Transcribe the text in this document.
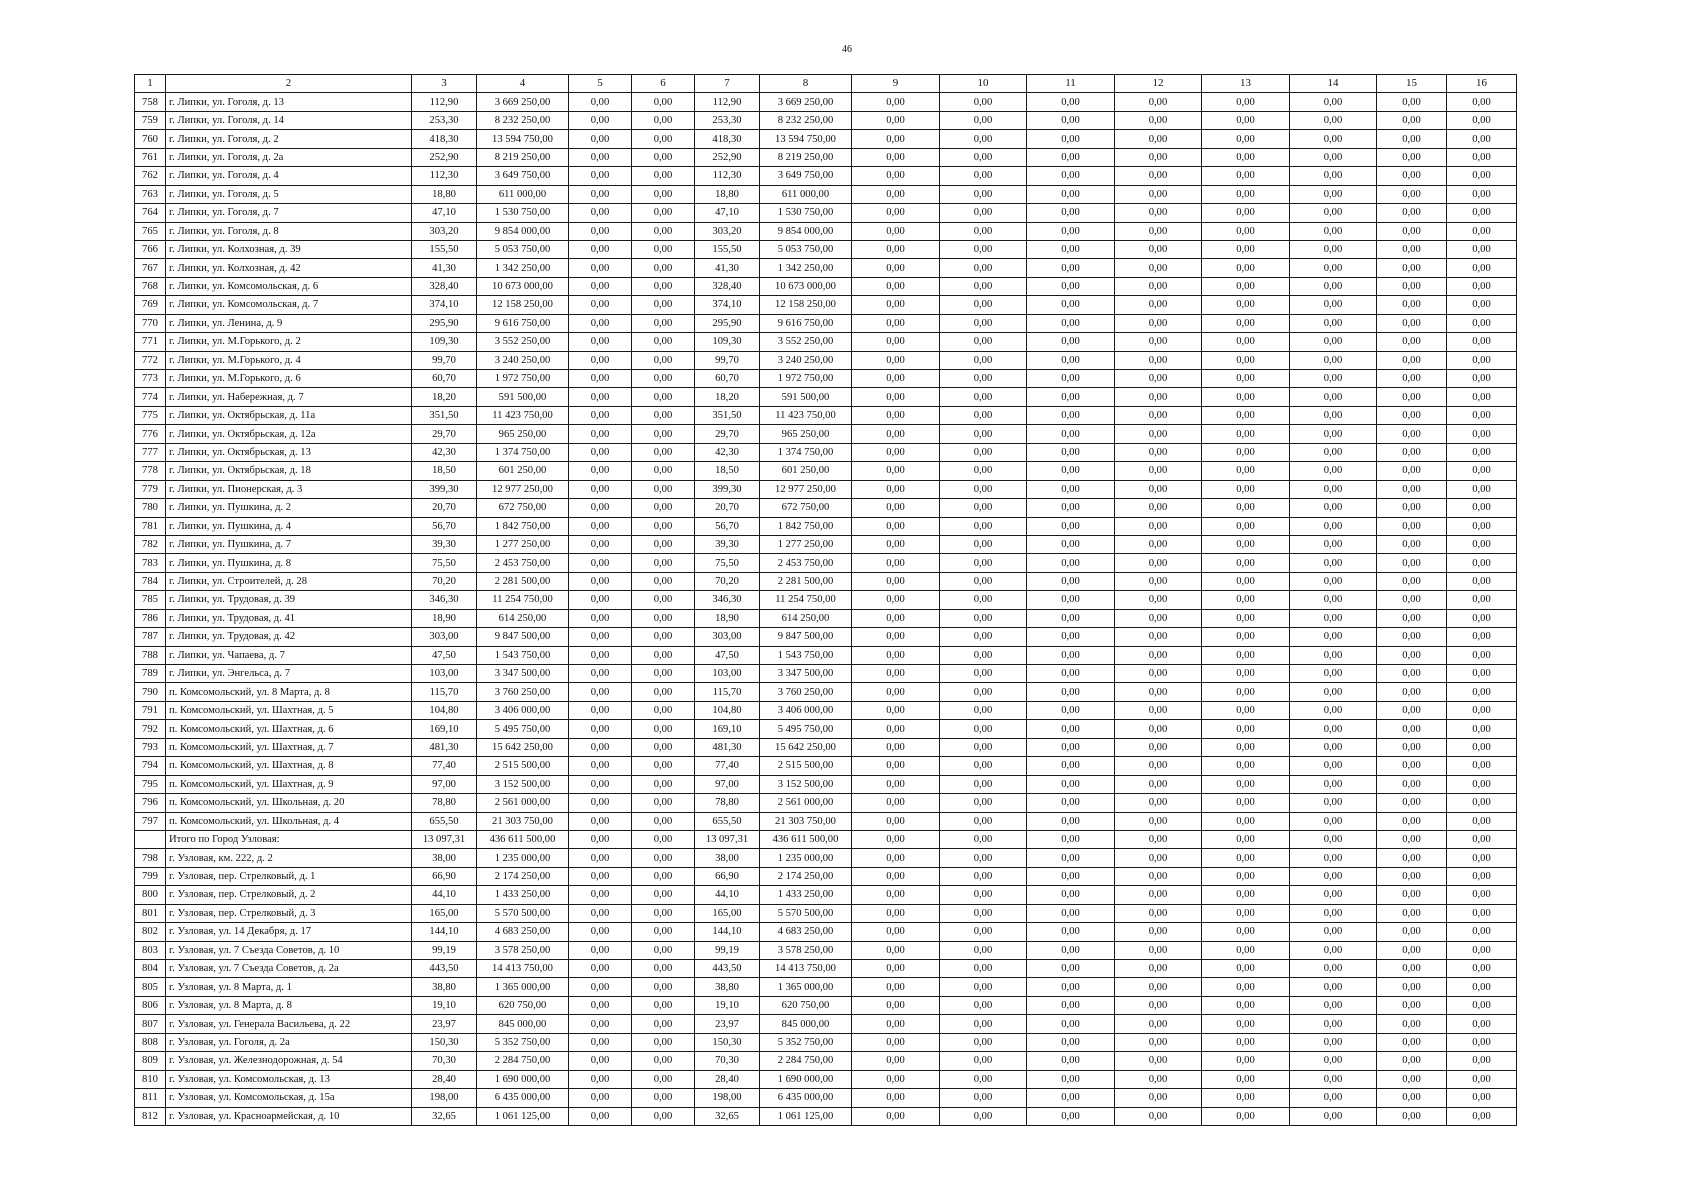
46
1	2	3	4	5	6	7	8	9	10	11	12	13	14	15	16
758	г. Липки, ул. Гоголя, д. 13	112,90	3 669 250,00	0,00	0,00	112,90	3 669 250,00	0,00	0,00	0,00	0,00	0,00	0,00	0,00	0,00
759	г. Липки, ул. Гоголя, д. 14	253,30	8 232 250,00	0,00	0,00	253,30	8 232 250,00	0,00	0,00	0,00	0,00	0,00	0,00	0,00	0,00
760	г. Липки, ул. Гоголя, д. 2	418,30	13 594 750,00	0,00	0,00	418,30	13 594 750,00	0,00	0,00	0,00	0,00	0,00	0,00	0,00	0,00
761	г. Липки, ул. Гоголя, д. 2а	252,90	8 219 250,00	0,00	0,00	252,90	8 219 250,00	0,00	0,00	0,00	0,00	0,00	0,00	0,00	0,00
762	г. Липки, ул. Гоголя, д. 4	112,30	3 649 750,00	0,00	0,00	112,30	3 649 750,00	0,00	0,00	0,00	0,00	0,00	0,00	0,00	0,00
763	г. Липки, ул. Гоголя, д. 5	18,80	611 000,00	0,00	0,00	18,80	611 000,00	0,00	0,00	0,00	0,00	0,00	0,00	0,00	0,00
764	г. Липки, ул. Гоголя, д. 7	47,10	1 530 750,00	0,00	0,00	47,10	1 530 750,00	0,00	0,00	0,00	0,00	0,00	0,00	0,00	0,00
765	г. Липки, ул. Гоголя, д. 8	303,20	9 854 000,00	0,00	0,00	303,20	9 854 000,00	0,00	0,00	0,00	0,00	0,00	0,00	0,00	0,00
766	г. Липки, ул. Колхозная, д. 39	155,50	5 053 750,00	0,00	0,00	155,50	5 053 750,00	0,00	0,00	0,00	0,00	0,00	0,00	0,00	0,00
767	г. Липки, ул. Колхозная, д. 42	41,30	1 342 250,00	0,00	0,00	41,30	1 342 250,00	0,00	0,00	0,00	0,00	0,00	0,00	0,00	0,00
768	г. Липки, ул. Комсомольская, д. 6	328,40	10 673 000,00	0,00	0,00	328,40	10 673 000,00	0,00	0,00	0,00	0,00	0,00	0,00	0,00	0,00
769	г. Липки, ул. Комсомольская, д. 7	374,10	12 158 250,00	0,00	0,00	374,10	12 158 250,00	0,00	0,00	0,00	0,00	0,00	0,00	0,00	0,00
770	г. Липки, ул. Ленина, д. 9	295,90	9 616 750,00	0,00	0,00	295,90	9 616 750,00	0,00	0,00	0,00	0,00	0,00	0,00	0,00	0,00
771	г. Липки, ул. М.Горького, д. 2	109,30	3 552 250,00	0,00	0,00	109,30	3 552 250,00	0,00	0,00	0,00	0,00	0,00	0,00	0,00	0,00
772	г. Липки, ул. М.Горького, д. 4	99,70	3 240 250,00	0,00	0,00	99,70	3 240 250,00	0,00	0,00	0,00	0,00	0,00	0,00	0,00	0,00
773	г. Липки, ул. М.Горького, д. 6	60,70	1 972 750,00	0,00	0,00	60,70	1 972 750,00	0,00	0,00	0,00	0,00	0,00	0,00	0,00	0,00
774	г. Липки, ул. Набережная, д. 7	18,20	591 500,00	0,00	0,00	18,20	591 500,00	0,00	0,00	0,00	0,00	0,00	0,00	0,00	0,00
775	г. Липки, ул. Октябрьская, д. 11а	351,50	11 423 750,00	0,00	0,00	351,50	11 423 750,00	0,00	0,00	0,00	0,00	0,00	0,00	0,00	0,00
776	г. Липки, ул. Октябрьская, д. 12а	29,70	965 250,00	0,00	0,00	29,70	965 250,00	0,00	0,00	0,00	0,00	0,00	0,00	0,00	0,00
777	г. Липки, ул. Октябрьская, д. 13	42,30	1 374 750,00	0,00	0,00	42,30	1 374 750,00	0,00	0,00	0,00	0,00	0,00	0,00	0,00	0,00
778	г. Липки, ул. Октябрьская, д. 18	18,50	601 250,00	0,00	0,00	18,50	601 250,00	0,00	0,00	0,00	0,00	0,00	0,00	0,00	0,00
779	г. Липки, ул. Пионерская, д. 3	399,30	12 977 250,00	0,00	0,00	399,30	12 977 250,00	0,00	0,00	0,00	0,00	0,00	0,00	0,00	0,00
780	г. Липки, ул. Пушкина, д. 2	20,70	672 750,00	0,00	0,00	20,70	672 750,00	0,00	0,00	0,00	0,00	0,00	0,00	0,00	0,00
781	г. Липки, ул. Пушкина, д. 4	56,70	1 842 750,00	0,00	0,00	56,70	1 842 750,00	0,00	0,00	0,00	0,00	0,00	0,00	0,00	0,00
782	г. Липки, ул. Пушкина, д. 7	39,30	1 277 250,00	0,00	0,00	39,30	1 277 250,00	0,00	0,00	0,00	0,00	0,00	0,00	0,00	0,00
783	г. Липки, ул. Пушкина, д. 8	75,50	2 453 750,00	0,00	0,00	75,50	2 453 750,00	0,00	0,00	0,00	0,00	0,00	0,00	0,00	0,00
784	г. Липки, ул. Строителей, д. 28	70,20	2 281 500,00	0,00	0,00	70,20	2 281 500,00	0,00	0,00	0,00	0,00	0,00	0,00	0,00	0,00
785	г. Липки, ул. Трудовая, д. 39	346,30	11 254 750,00	0,00	0,00	346,30	11 254 750,00	0,00	0,00	0,00	0,00	0,00	0,00	0,00	0,00
786	г. Липки, ул. Трудовая, д. 41	18,90	614 250,00	0,00	0,00	18,90	614 250,00	0,00	0,00	0,00	0,00	0,00	0,00	0,00	0,00
787	г. Липки, ул. Трудовая, д. 42	303,00	9 847 500,00	0,00	0,00	303,00	9 847 500,00	0,00	0,00	0,00	0,00	0,00	0,00	0,00	0,00
788	г. Липки, ул. Чапаева, д. 7	47,50	1 543 750,00	0,00	0,00	47,50	1 543 750,00	0,00	0,00	0,00	0,00	0,00	0,00	0,00	0,00
789	г. Липки, ул. Энгельса, д. 7	103,00	3 347 500,00	0,00	0,00	103,00	3 347 500,00	0,00	0,00	0,00	0,00	0,00	0,00	0,00	0,00
790	п. Комсомольский, ул. 8 Марта, д. 8	115,70	3 760 250,00	0,00	0,00	115,70	3 760 250,00	0,00	0,00	0,00	0,00	0,00	0,00	0,00	0,00
791	п. Комсомольский, ул. Шахтная, д. 5	104,80	3 406 000,00	0,00	0,00	104,80	3 406 000,00	0,00	0,00	0,00	0,00	0,00	0,00	0,00	0,00
792	п. Комсомольский, ул. Шахтная, д. 6	169,10	5 495 750,00	0,00	0,00	169,10	5 495 750,00	0,00	0,00	0,00	0,00	0,00	0,00	0,00	0,00
793	п. Комсомольский, ул. Шахтная, д. 7	481,30	15 642 250,00	0,00	0,00	481,30	15 642 250,00	0,00	0,00	0,00	0,00	0,00	0,00	0,00	0,00
794	п. Комсомольский, ул. Шахтная, д. 8	77,40	2 515 500,00	0,00	0,00	77,40	2 515 500,00	0,00	0,00	0,00	0,00	0,00	0,00	0,00	0,00
795	п. Комсомольский, ул. Шахтная, д. 9	97,00	3 152 500,00	0,00	0,00	97,00	3 152 500,00	0,00	0,00	0,00	0,00	0,00	0,00	0,00	0,00
796	п. Комсомольский, ул. Школьная, д. 20	78,80	2 561 000,00	0,00	0,00	78,80	2 561 000,00	0,00	0,00	0,00	0,00	0,00	0,00	0,00	0,00
797	п. Комсомольский, ул. Школьная, д. 4	655,50	21 303 750,00	0,00	0,00	655,50	21 303 750,00	0,00	0,00	0,00	0,00	0,00	0,00	0,00	0,00
	Итого по Город Узловая:	13 097,31	436 611 500,00	0,00	0,00	13 097,31	436 611 500,00	0,00	0,00	0,00	0,00	0,00	0,00	0,00	0,00
798	г. Узловая, км. 222, д. 2	38,00	1 235 000,00	0,00	0,00	38,00	1 235 000,00	0,00	0,00	0,00	0,00	0,00	0,00	0,00	0,00
799	г. Узловая, пер. Стрелковый, д. 1	66,90	2 174 250,00	0,00	0,00	66,90	2 174 250,00	0,00	0,00	0,00	0,00	0,00	0,00	0,00	0,00
800	г. Узловая, пер. Стрелковый, д. 2	44,10	1 433 250,00	0,00	0,00	44,10	1 433 250,00	0,00	0,00	0,00	0,00	0,00	0,00	0,00	0,00
801	г. Узловая, пер. Стрелковый, д. 3	165,00	5 570 500,00	0,00	0,00	165,00	5 570 500,00	0,00	0,00	0,00	0,00	0,00	0,00	0,00	0,00
802	г. Узловая, ул. 14 Декабря, д. 17	144,10	4 683 250,00	0,00	0,00	144,10	4 683 250,00	0,00	0,00	0,00	0,00	0,00	0,00	0,00	0,00
803	г. Узловая, ул. 7 Съезда Советов, д. 10	99,19	3 578 250,00	0,00	0,00	99,19	3 578 250,00	0,00	0,00	0,00	0,00	0,00	0,00	0,00	0,00
804	г. Узловая, ул. 7 Съезда Советов, д. 2а	443,50	14 413 750,00	0,00	0,00	443,50	14 413 750,00	0,00	0,00	0,00	0,00	0,00	0,00	0,00	0,00
805	г. Узловая, ул. 8 Марта, д. 1	38,80	1 365 000,00	0,00	0,00	38,80	1 365 000,00	0,00	0,00	0,00	0,00	0,00	0,00	0,00	0,00
806	г. Узловая, ул. 8 Марта, д. 8	19,10	620 750,00	0,00	0,00	19,10	620 750,00	0,00	0,00	0,00	0,00	0,00	0,00	0,00	0,00
807	г. Узловая, ул. Генерала Васильева, д. 22	23,97	845 000,00	0,00	0,00	23,97	845 000,00	0,00	0,00	0,00	0,00	0,00	0,00	0,00	0,00
808	г. Узловая, ул. Гоголя, д. 2а	150,30	5 352 750,00	0,00	0,00	150,30	5 352 750,00	0,00	0,00	0,00	0,00	0,00	0,00	0,00	0,00
809	г. Узловая, ул. Железнодорожная, д. 54	70,30	2 284 750,00	0,00	0,00	70,30	2 284 750,00	0,00	0,00	0,00	0,00	0,00	0,00	0,00	0,00
810	г. Узловая, ул. Комсомольская, д. 13	28,40	1 690 000,00	0,00	0,00	28,40	1 690 000,00	0,00	0,00	0,00	0,00	0,00	0,00	0,00	0,00
811	г. Узловая, ул. Комсомольская, д. 15а	198,00	6 435 000,00	0,00	0,00	198,00	6 435 000,00	0,00	0,00	0,00	0,00	0,00	0,00	0,00	0,00
812	г. Узловая, ул. Красноармейская, д. 10	32,65	1 061 125,00	0,00	0,00	32,65	1 061 125,00	0,00	0,00	0,00	0,00	0,00	0,00	0,00	0,00
